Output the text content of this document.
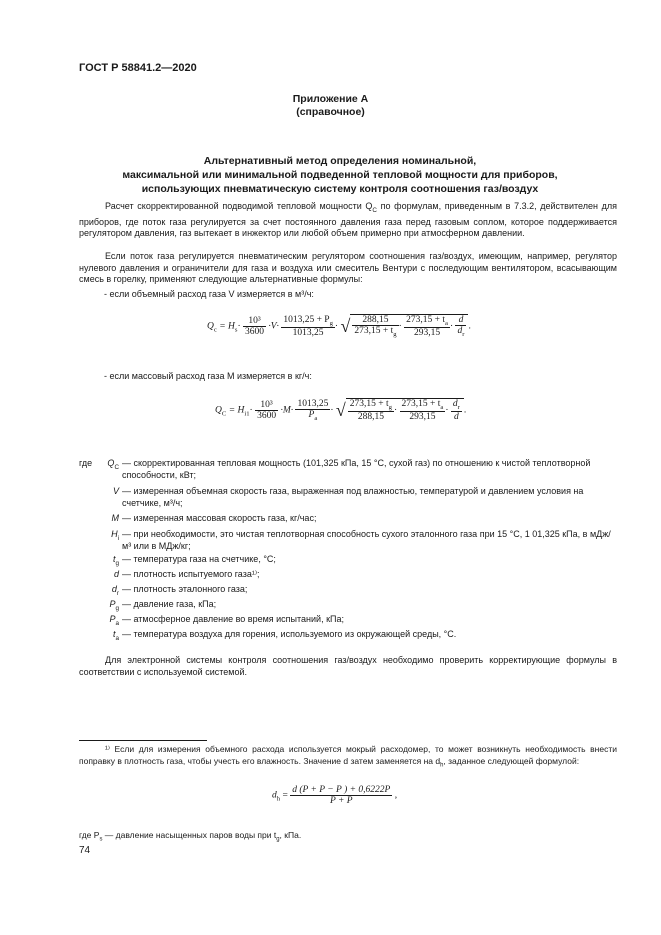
ГОСТ Р 58841.2—2020
Приложение А
(справочное)
Альтернативный метод определения номинальной,
максимальной или минимальной подведенной тепловой мощности для приборов,
использующих пневматическую систему контроля соотношения газ/воздух
Расчет скорректированной подводимой тепловой мощности $Q_C$ по формулам, приведенным в 7.3.2, действителен для приборов, где поток газа регулируется за счет постоянного давления газа перед газовым соплом, которое поддерживается регулятором давления, газ вытекает в инжектор или любой объем примерно при атмосферном давлении.
Если поток газа регулируется пневматическим регулятором соотношения газ/воздух, имеющим, например, регулятор нулевого давления и ограничители для газа и воздуха или смеситель Вентури с последующим вентилятором, всасывающим смесь в горелку, применяют следующие альтернативные формулы:
- если объемный расход газа V измеряется в м³/ч:
$Q_c = H_s\cdot \frac{\text{10³}}{3600} \cdot V\cdot \frac{1013,25 + P_g}{1013,25}$ · √ $\frac{288,15}{273,15 + t_g} \cdot \frac{273,15 + t_a}{293,15} \cdot \frac{d}{d_r}$ .
- если массовый расход газа M измеряется в кг/ч:
$Q_C = H_{i1}\cdot \frac{\text{10³}}{3600} \cdot M\cdot \frac{1013,25}{P_a}$ · √ $\frac{273,15 + t_g}{288,15} \cdot \frac{273,15 + t_a}{293,15} \cdot \frac{d_r}{d}$ .
где	$Q_C$ — скорректированная тепловая мощность (101,325 кПа, 15 °С, сухой газ) по отношению к чистой теплотворной способности, кВт;
V — измеренная объемная скорость газа, выраженная под влажностью, температурой и давлением условия на счетчике, м³/ч;
M — измеренная массовая скорость газа, кг/час;
$H_i$ — при необходимости, это чистая теплотворная способность сухого эталонного газа при 15 °С, 1 01,325 кПа, в мДж/м³ или в МДж/кг;
$t_g$ — температура газа на счетчике, °С;
d — плотность испытуемого газа¹⁾;
$d_r$ — плотность эталонного газа;
$P_g$ — давление газа, кПа;
$P_a$ — атмосферное давление во время испытаний, кПа;
$t_a$ — температура воздуха для горения, используемого из окружающей среды, °С.
Для электронной системы контроля соотношения газ/воздух необходимо проверить корректирующие формулы в соответствии с используемой системой.
¹⁾ Если для измерения объемного расхода используется мокрый расходомер, то может возникнуть необходимость внести поправку в плотность газа, чтобы учесть его влажность. Значение d затем заменяется на $d_h$, заданное следующей формулой:
$d_h = \frac{d (P + P - P ) + 0,6222P}{P + P}$ ,
где $P_s$ — давление насыщенных паров воды при $t_g$, кПа.
74
